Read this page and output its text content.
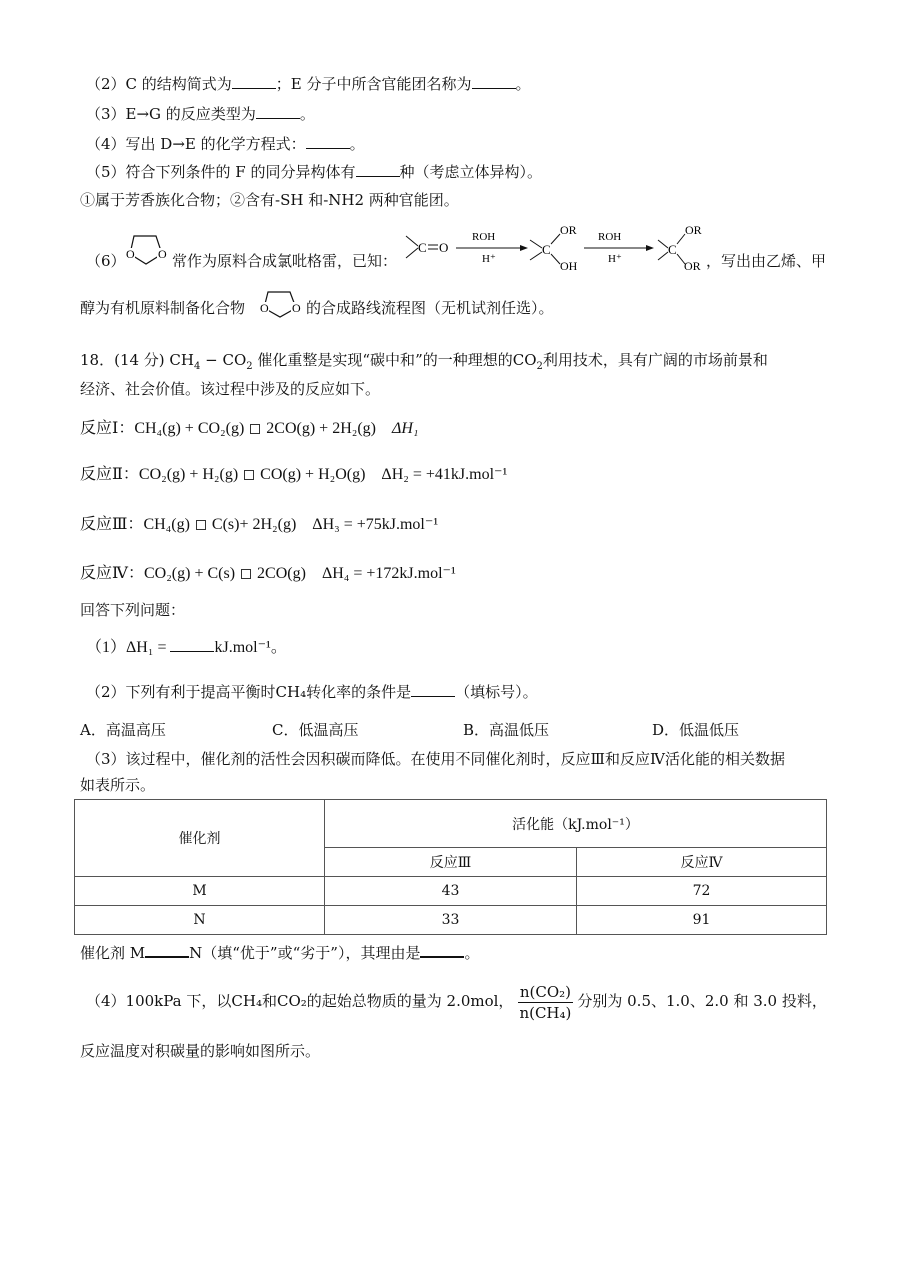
（2）C 的结构简式为	；E 分子中所含官能团名称为	。
（3）E→G 的反应类型为	。
（4）写出 D→E 的化学方程式：	。
（5）符合下列条件的 F 的同分异构体有	种（考虑立体异构）。
①属于芳香族化合物；②含有-SH 和-NH2 两种官能团。
（6） O O 常作为原料合成氯吡格雷，已知：
C O
ROH
H⁺
C
OR
OH
ROH
H⁺
C
OR
OR ，写出由乙烯、甲
醇为有机原料制备化合物 O O 的合成路线流程图（无机试剂任选）。
18．(14 分) $CH_4 - CO_2$ 催化重整是实现“碳中和”的一种理想的$CO_2$利用技术，具有广阔的市场前景和
经济、社会价值。该过程中涉及的反应如下。
反应Ⅰ：CH₄(g) + CO₂(g) 2CO(g) + 2H₂(g) ΔH₁
反应Ⅱ：CO₂(g) + H₂(g) CO(g) + H₂O(g) ΔH₂ = +41kJ.mol⁻¹
反应Ⅲ：CH₄(g) C(s)+ 2H₂(g) ΔH₃ = +75kJ.mol⁻¹
反应Ⅳ：CO₂(g) + C(s) 2CO(g) ΔH₄ = +172kJ.mol⁻¹
回答下列问题：
（1）ΔH₁ =	kJ.mol⁻¹。
（2）下列有利于提高平衡时CH₄转化率的条件是	（填标号）。
A．高温高压	C．低温高压	B．高温低压	D．低温低压
（3）该过程中，催化剂的活性会因积碳而降低。在使用不同催化剂时，反应Ⅲ和反应Ⅳ活化能的相关数据
如表所示。
催化剂	活化能（kJ.mol⁻¹）	
	反应Ⅲ	反应Ⅳ
M	43	72
N	33	91
催化剂 M	N（填“优于”或“劣于”），其理由是	。
（4）100kPa 下，以CH₄和CO₂的起始总物质的量为 2.0mol， $\frac{\text{n(CO₂)}}{\text{n(CH₄)}}$ 分别为 0.5、1.0、2.0 和 3.0 投料，
反应温度对积碳量的影响如图所示。
